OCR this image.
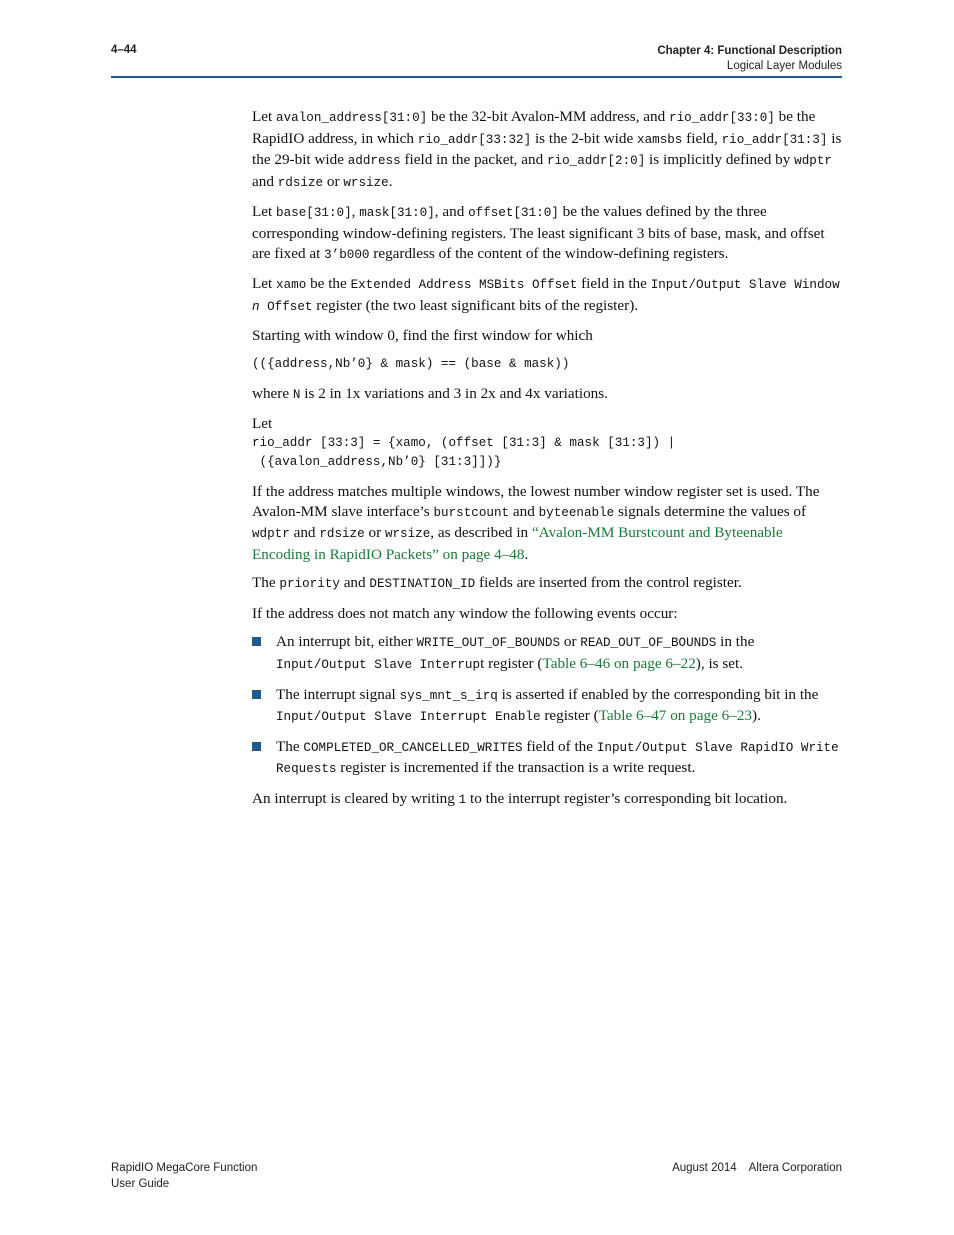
4–44	Chapter 4: Functional Description
Logical Layer Modules

Let avalon_address[31:0] be the 32-bit Avalon-MM address, and rio_addr[33:0] be the RapidIO address, in which rio_addr[33:32] is the 2-bit wide xamsbs field, rio_addr[31:3] is the 29-bit wide address field in the packet, and rio_addr[2:0] is implicitly defined by wdptr and rdsize or wrsize.

Let base[31:0], mask[31:0], and offset[31:0] be the values defined by the three corresponding window-defining registers. The least significant 3 bits of base, mask, and offset are fixed at 3’b000 regardless of the content of the window-defining registers.

Let xamo be the Extended Address MSBits Offset field in the Input/Output Slave Window n Offset register (the two least significant bits of the register).

Starting with window 0, find the first window for which

(({address,Nb’0} & mask) == (base & mask))

where N is 2 in 1x variations and 3 in 2x and 4x variations.

Let
rio_addr [33:3] = {xamo, (offset [31:3] & mask [31:3]) |
({avalon_address,Nb’0} [31:3]])}

If the address matches multiple windows, the lowest number window register set is used. The Avalon-MM slave interface’s burstcount and byteenable signals determine the values of wdptr and rdsize or wrsize, as described in “Avalon-MM Burstcount and Byteenable Encoding in RapidIO Packets” on page 4–48.

The priority and DESTINATION_ID fields are inserted from the control register.

If the address does not match any window the following events occur:

An interrupt bit, either WRITE_OUT_OF_BOUNDS or READ_OUT_OF_BOUNDS in the Input/Output Slave Interrupt register (Table 6–46 on page 6–22), is set.
The interrupt signal sys_mnt_s_irq is asserted if enabled by the corresponding bit in the Input/Output Slave Interrupt Enable register (Table 6–47 on page 6–23).
The COMPLETED_OR_CANCELLED_WRITES field of the Input/Output Slave RapidIO Write Requests register is incremented if the transaction is a write request.

An interrupt is cleared by writing 1 to the interrupt register’s corresponding bit location.

RapidIO MegaCore Function
User Guide
August 2014 Altera Corporation
